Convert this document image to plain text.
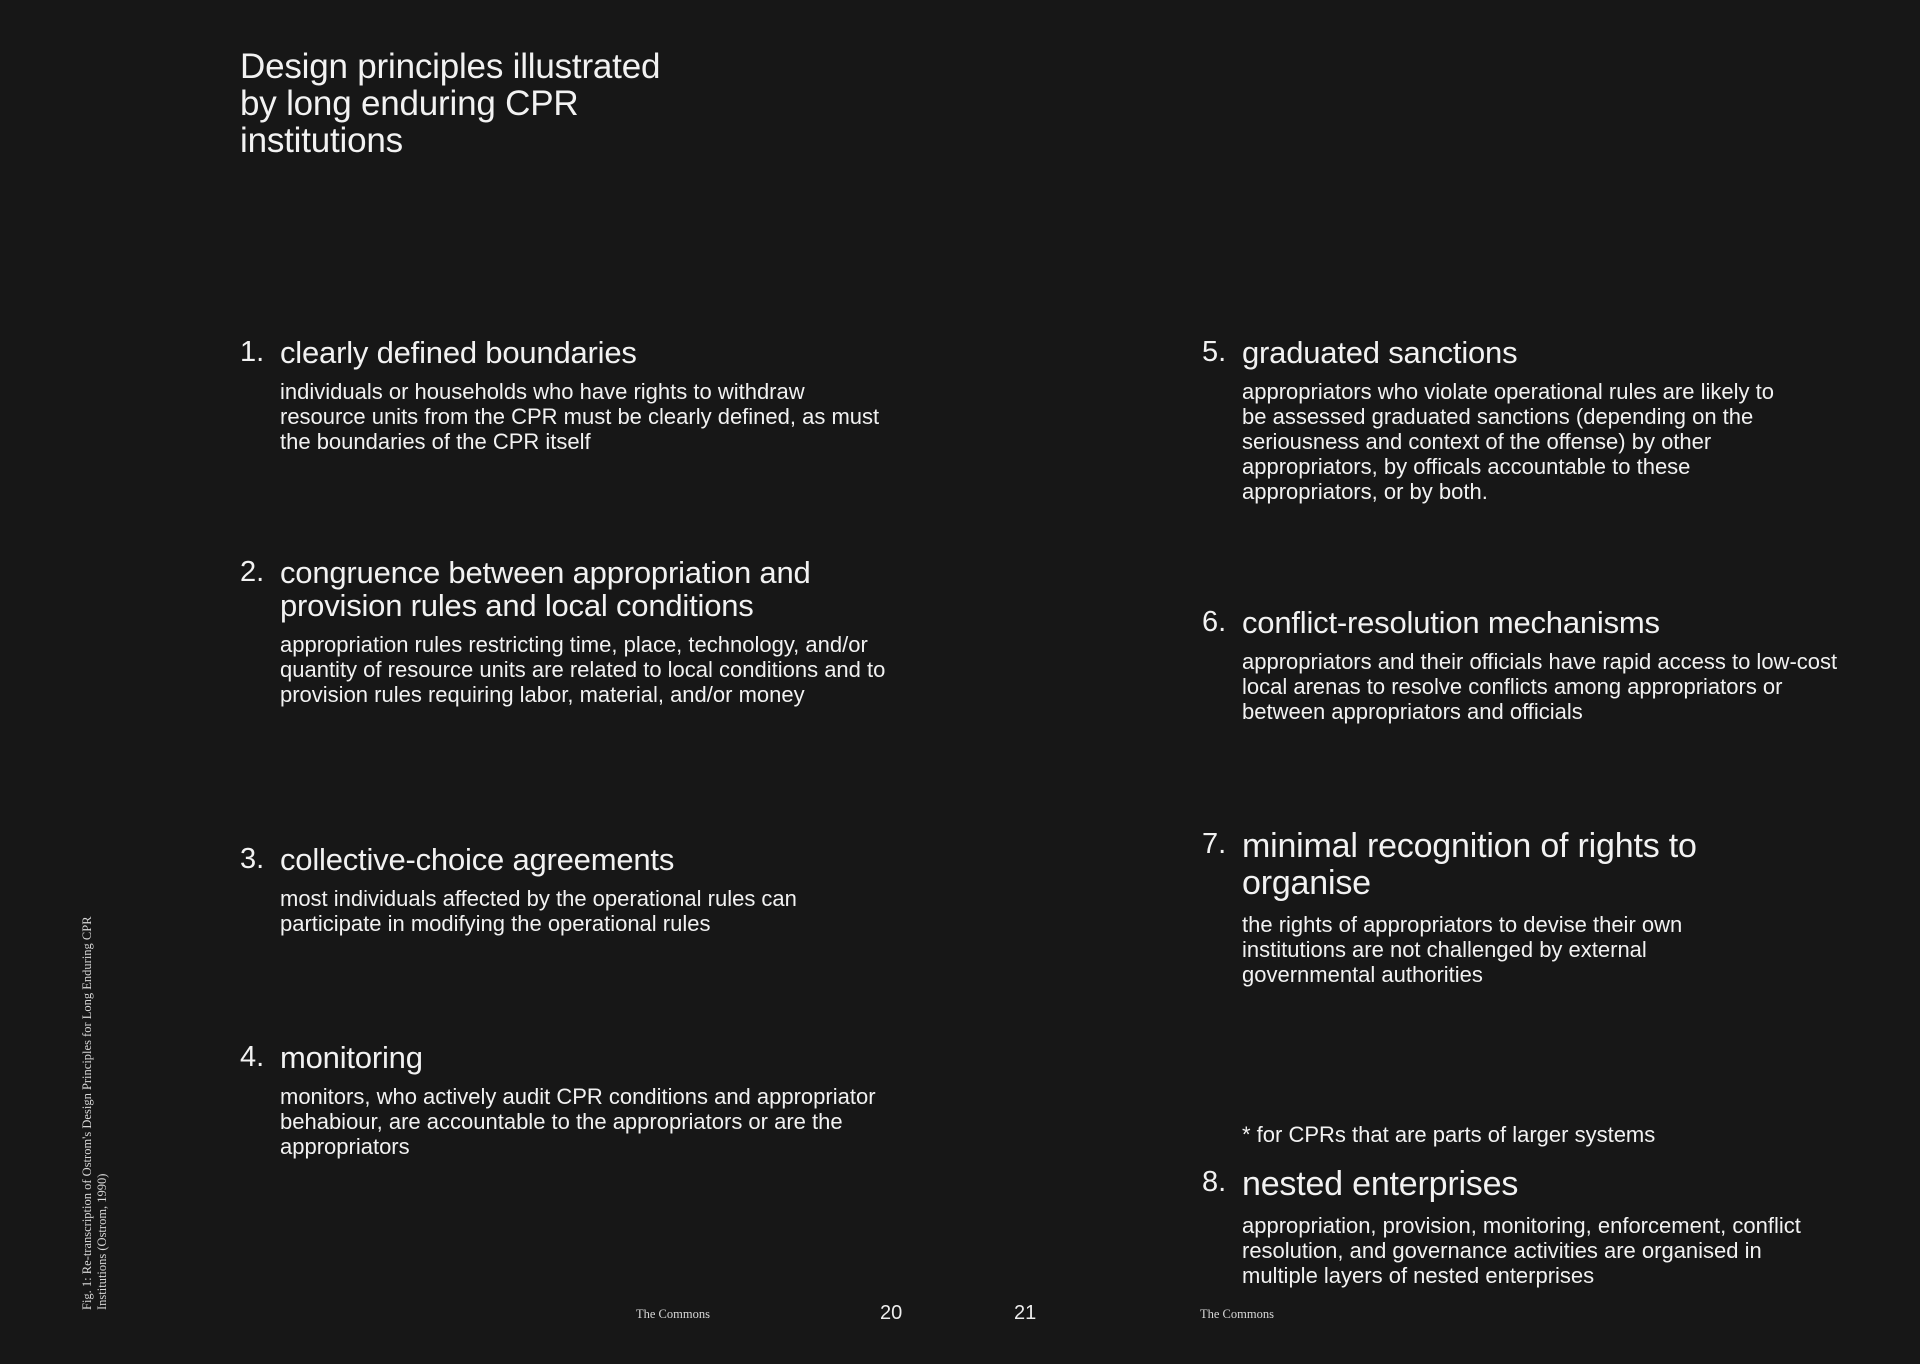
Design principles illustrated
by long enduring CPR
institutions
1. clearly defined boundaries

individuals or households who have rights to withdraw resource units from the CPR must be clearly defined, as must the boundaries of the CPR itself

2. congruence between appropriation and provision rules and local conditions

appropriation rules restricting time, place, technology, and/or quantity of resource units are related to local conditions and to provision rules requiring labor, material, and/or money

3. collective-choice agreements

most individuals affected by the operational rules can participate in modifying the operational rules

4. monitoring

monitors, who actively audit CPR conditions and appropriator behabiour, are accountable to the appropriators or are the appropriators

5. graduated sanctions

appropriators who violate operational rules are likely to be assessed graduated sanctions (depending on the seriousness and context of the offense) by other appropriators, by officals accountable to these appropriators, or by both.

6. conflict-resolution mechanisms

appropriators and their officials have rapid access to low-cost local arenas to resolve conflicts among appropriators or between appropriators and officials

7. minimal recognition of rights to organise

the rights of appropriators to devise their own institutions are not challenged by external governmental authorities

* for CPRs that are parts of larger systems
8. nested enterprises

appropriation, provision, monitoring, enforcement, conflict resolution, and governance activities are organised in multiple layers of nested enterprises

The Commons	20	21	The Commons
Fig. 1: Re-transcription of Ostrom's Design Principles for Long Enduring CPR Institutions (Ostrom, 1990)
